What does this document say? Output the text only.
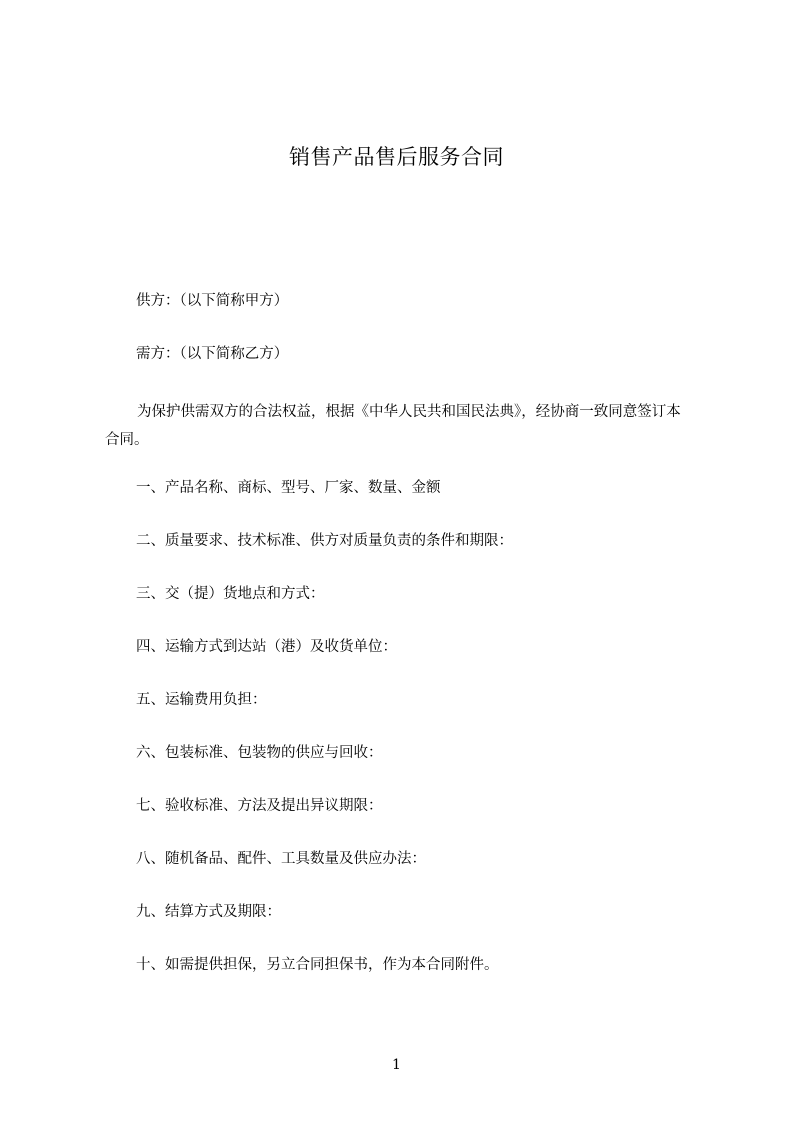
销售产品售后服务合同

供方：（以下简称甲方）

需方：（以下简称乙方）

为保护供需双方的合法权益，根据《中华人民共和国民法典》，经协商一致同意签订本合同。

一、产品名称、商标、型号、厂家、数量、金额

二、质量要求、技术标准、供方对质量负责的条件和期限：

三、交（提）货地点和方式：

四、运输方式到达站（港）及收货单位：

五、运输费用负担：

六、包装标准、包装物的供应与回收：

七、验收标准、方法及提出异议期限：

八、随机备品、配件、工具数量及供应办法：

九、结算方式及期限：

十、如需提供担保，另立合同担保书，作为本合同附件。

1
